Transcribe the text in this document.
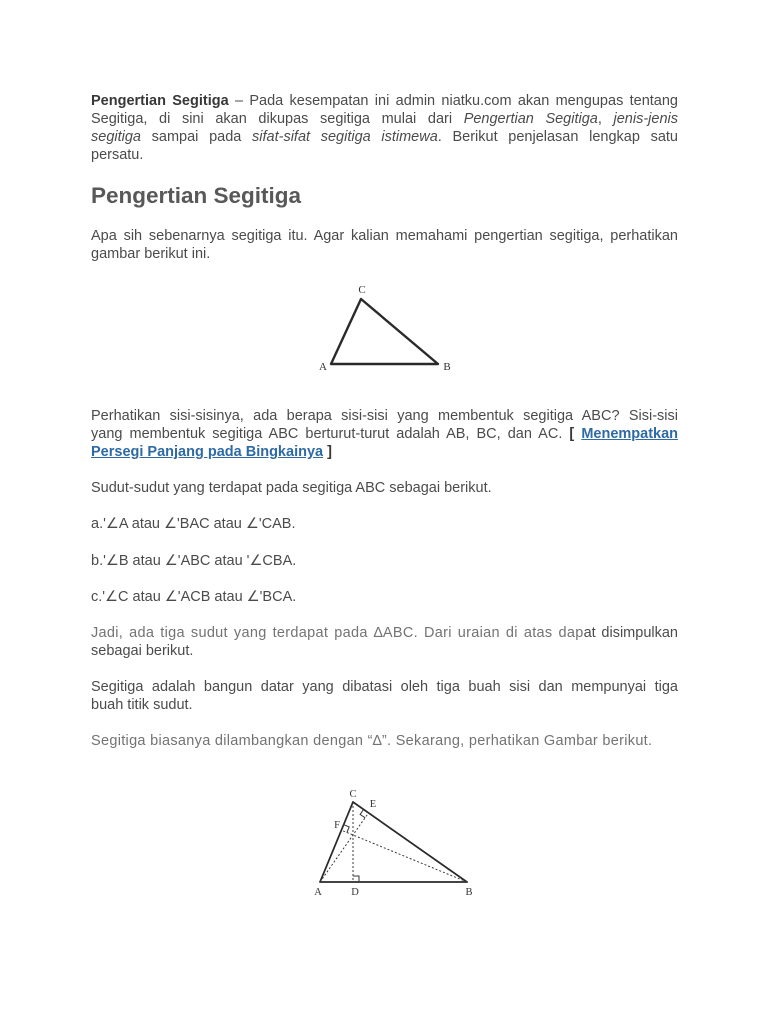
Pengertian Segitiga – Pada kesempatan ini admin niatku.com akan mengupas tentang
Segitiga, di sini akan dikupas segitiga mulai dari Pengertian Segitiga, jenis-jenis
segitiga sampai pada sifat-sifat segitiga istimewa. Berikut penjelasan lengkap satu
persatu.
Pengertian Segitiga
Apa sih sebenarnya segitiga itu. Agar kalian memahami pengertian segitiga, perhatikan
gambar berikut ini.
C
A	B
Perhatikan sisi-sisinya, ada berapa sisi-sisi yang membentuk segitiga ABC? Sisi-sisi
yang membentuk segitiga ABC berturut-turut adalah AB, BC, dan AC. [ Menempatkan
Persegi Panjang pada Bingkainya ]
Sudut-sudut yang terdapat pada segitiga ABC sebagai berikut.
a.'∠A atau ∠'BAC atau ∠'CAB.
b.'∠B atau ∠'ABC atau '∠CBA.
c.'∠C atau ∠'ACB atau ∠'BCA.
Jadi, ada tiga sudut yang terdapat pada ∆ABC. Dari uraian di atas dapat disimpulkan
sebagai berikut.
Segitiga adalah bangun datar yang dibatasi oleh tiga buah sisi dan mempunyai tiga
buah titik sudut.
Segitiga biasanya dilambangkan dengan “∆”. Sekarang, perhatikan Gambar berikut.
C
E
F
A	D	B
